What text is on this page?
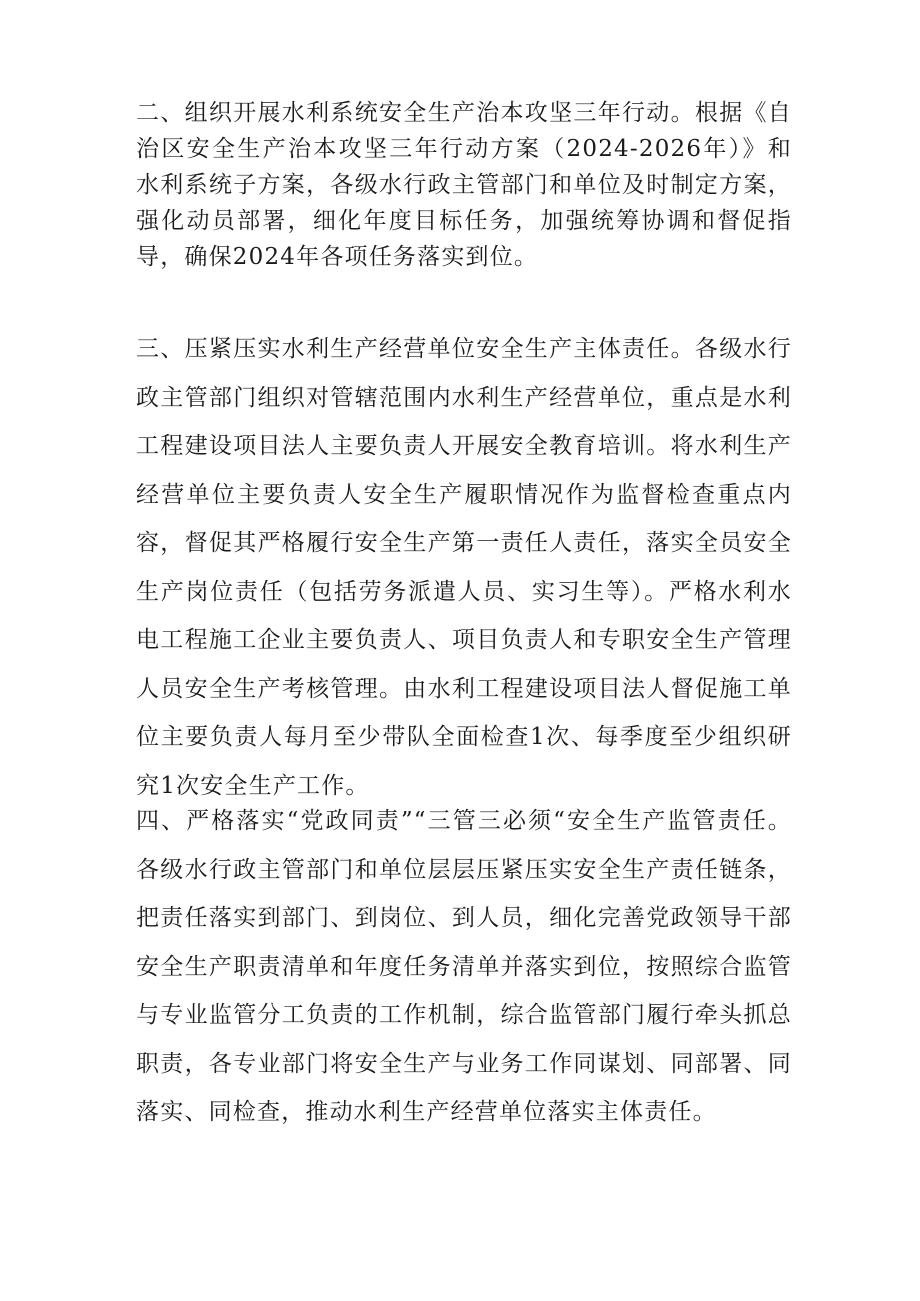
二、组织开展水利系统安全生产治本攻坚三年行动。根据《自治区安全生产治本攻坚三年行动方案（2024-2026年）》和水利系统子方案，各级水行政主管部门和单位及时制定方案，强化动员部署，细化年度目标任务，加强统筹协调和督促指导，确保2024年各项任务落实到位。

三、压紧压实水利生产经营单位安全生产主体责任。各级水行政主管部门组织对管辖范围内水利生产经营单位，重点是水利工程建设项目法人主要负责人开展安全教育培训。将水利生产经营单位主要负责人安全生产履职情况作为监督检查重点内容，督促其严格履行安全生产第一责任人责任，落实全员安全生产岗位责任（包括劳务派遣人员、实习生等）。严格水利水电工程施工企业主要负责人、项目负责人和专职安全生产管理人员安全生产考核管理。由水利工程建设项目法人督促施工单位主要负责人每月至少带队全面检查1次、每季度至少组织研究1次安全生产工作。

四、严格落实“党政同责”“三管三必须“安全生产监管责任。各级水行政主管部门和单位层层压紧压实安全生产责任链条，把责任落实到部门、到岗位、到人员，细化完善党政领导干部安全生产职责清单和年度任务清单并落实到位，按照综合监管与专业监管分工负责的工作机制，综合监管部门履行牵头抓总职责，各专业部门将安全生产与业务工作同谋划、同部署、同落实、同检查，推动水利生产经营单位落实主体责任。
